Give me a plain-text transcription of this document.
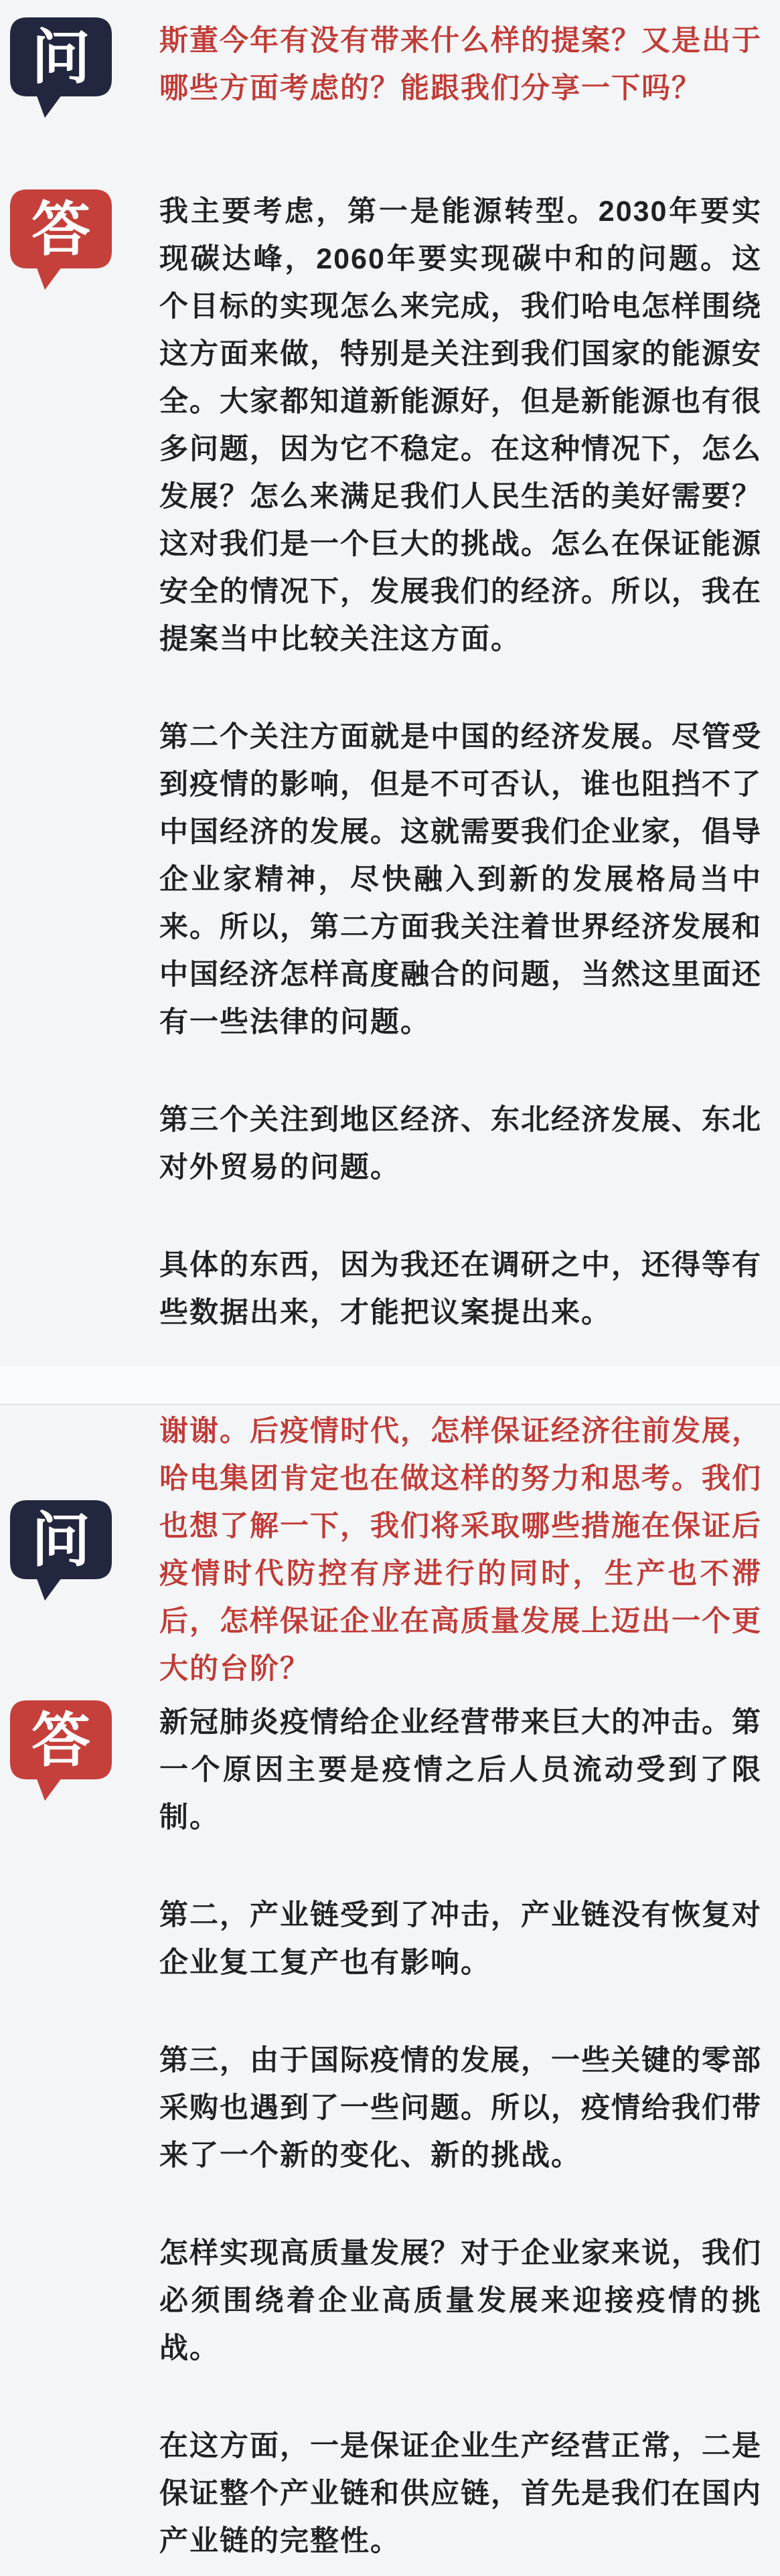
问 斯董今年有没有带来什么样的提案？又是出于哪些方面考虑的？能跟我们分享一下吗？
答 我主要考虑，第一是能源转型。2030年要实现碳达峰，2060年要实现碳中和的问题。这个目标的实现怎么来完成，我们哈电怎样围绕这方面来做，特别是关注到我们国家的能源安全。大家都知道新能源好，但是新能源也有很多问题，因为它不稳定。在这种情况下，怎么发展？怎么来满足我们人民生活的美好需要？这对我们是一个巨大的挑战。怎么在保证能源安全的情况下，发展我们的经济。所以，我在提案当中比较关注这方面。

第二个关注方面就是中国的经济发展。尽管受到疫情的影响，但是不可否认，谁也阻挡不了中国经济的发展。这就需要我们企业家，倡导企业家精神，尽快融入到新的发展格局当中来。所以，第二方面我关注着世界经济发展和中国经济怎样高度融合的问题，当然这里面还有一些法律的问题。

第三个关注到地区经济、东北经济发展、东北对外贸易的问题。

具体的东西，因为我还在调研之中，还得等有些数据出来，才能把议案提出来。

问
谢谢。后疫情时代，怎样保证经济往前发展，哈电集团肯定也在做这样的努力和思考。我们也想了解一下，我们将采取哪些措施在保证后疫情时代防控有序进行的同时，生产也不滞后，怎样保证企业在高质量发展上迈出一个更大的台阶？
答 新冠肺炎疫情给企业经营带来巨大的冲击。第一个原因主要是疫情之后人员流动受到了限制。

第二，产业链受到了冲击，产业链没有恢复对企业复工复产也有影响。

第三，由于国际疫情的发展，一些关键的零部采购也遇到了一些问题。所以，疫情给我们带来了一个新的变化、新的挑战。

怎样实现高质量发展？对于企业家来说，我们必须围绕着企业高质量发展来迎接疫情的挑战。

在这方面，一是保证企业生产经营正常，二是保证整个产业链和供应链，首先是我们在国内产业链的完整性。
